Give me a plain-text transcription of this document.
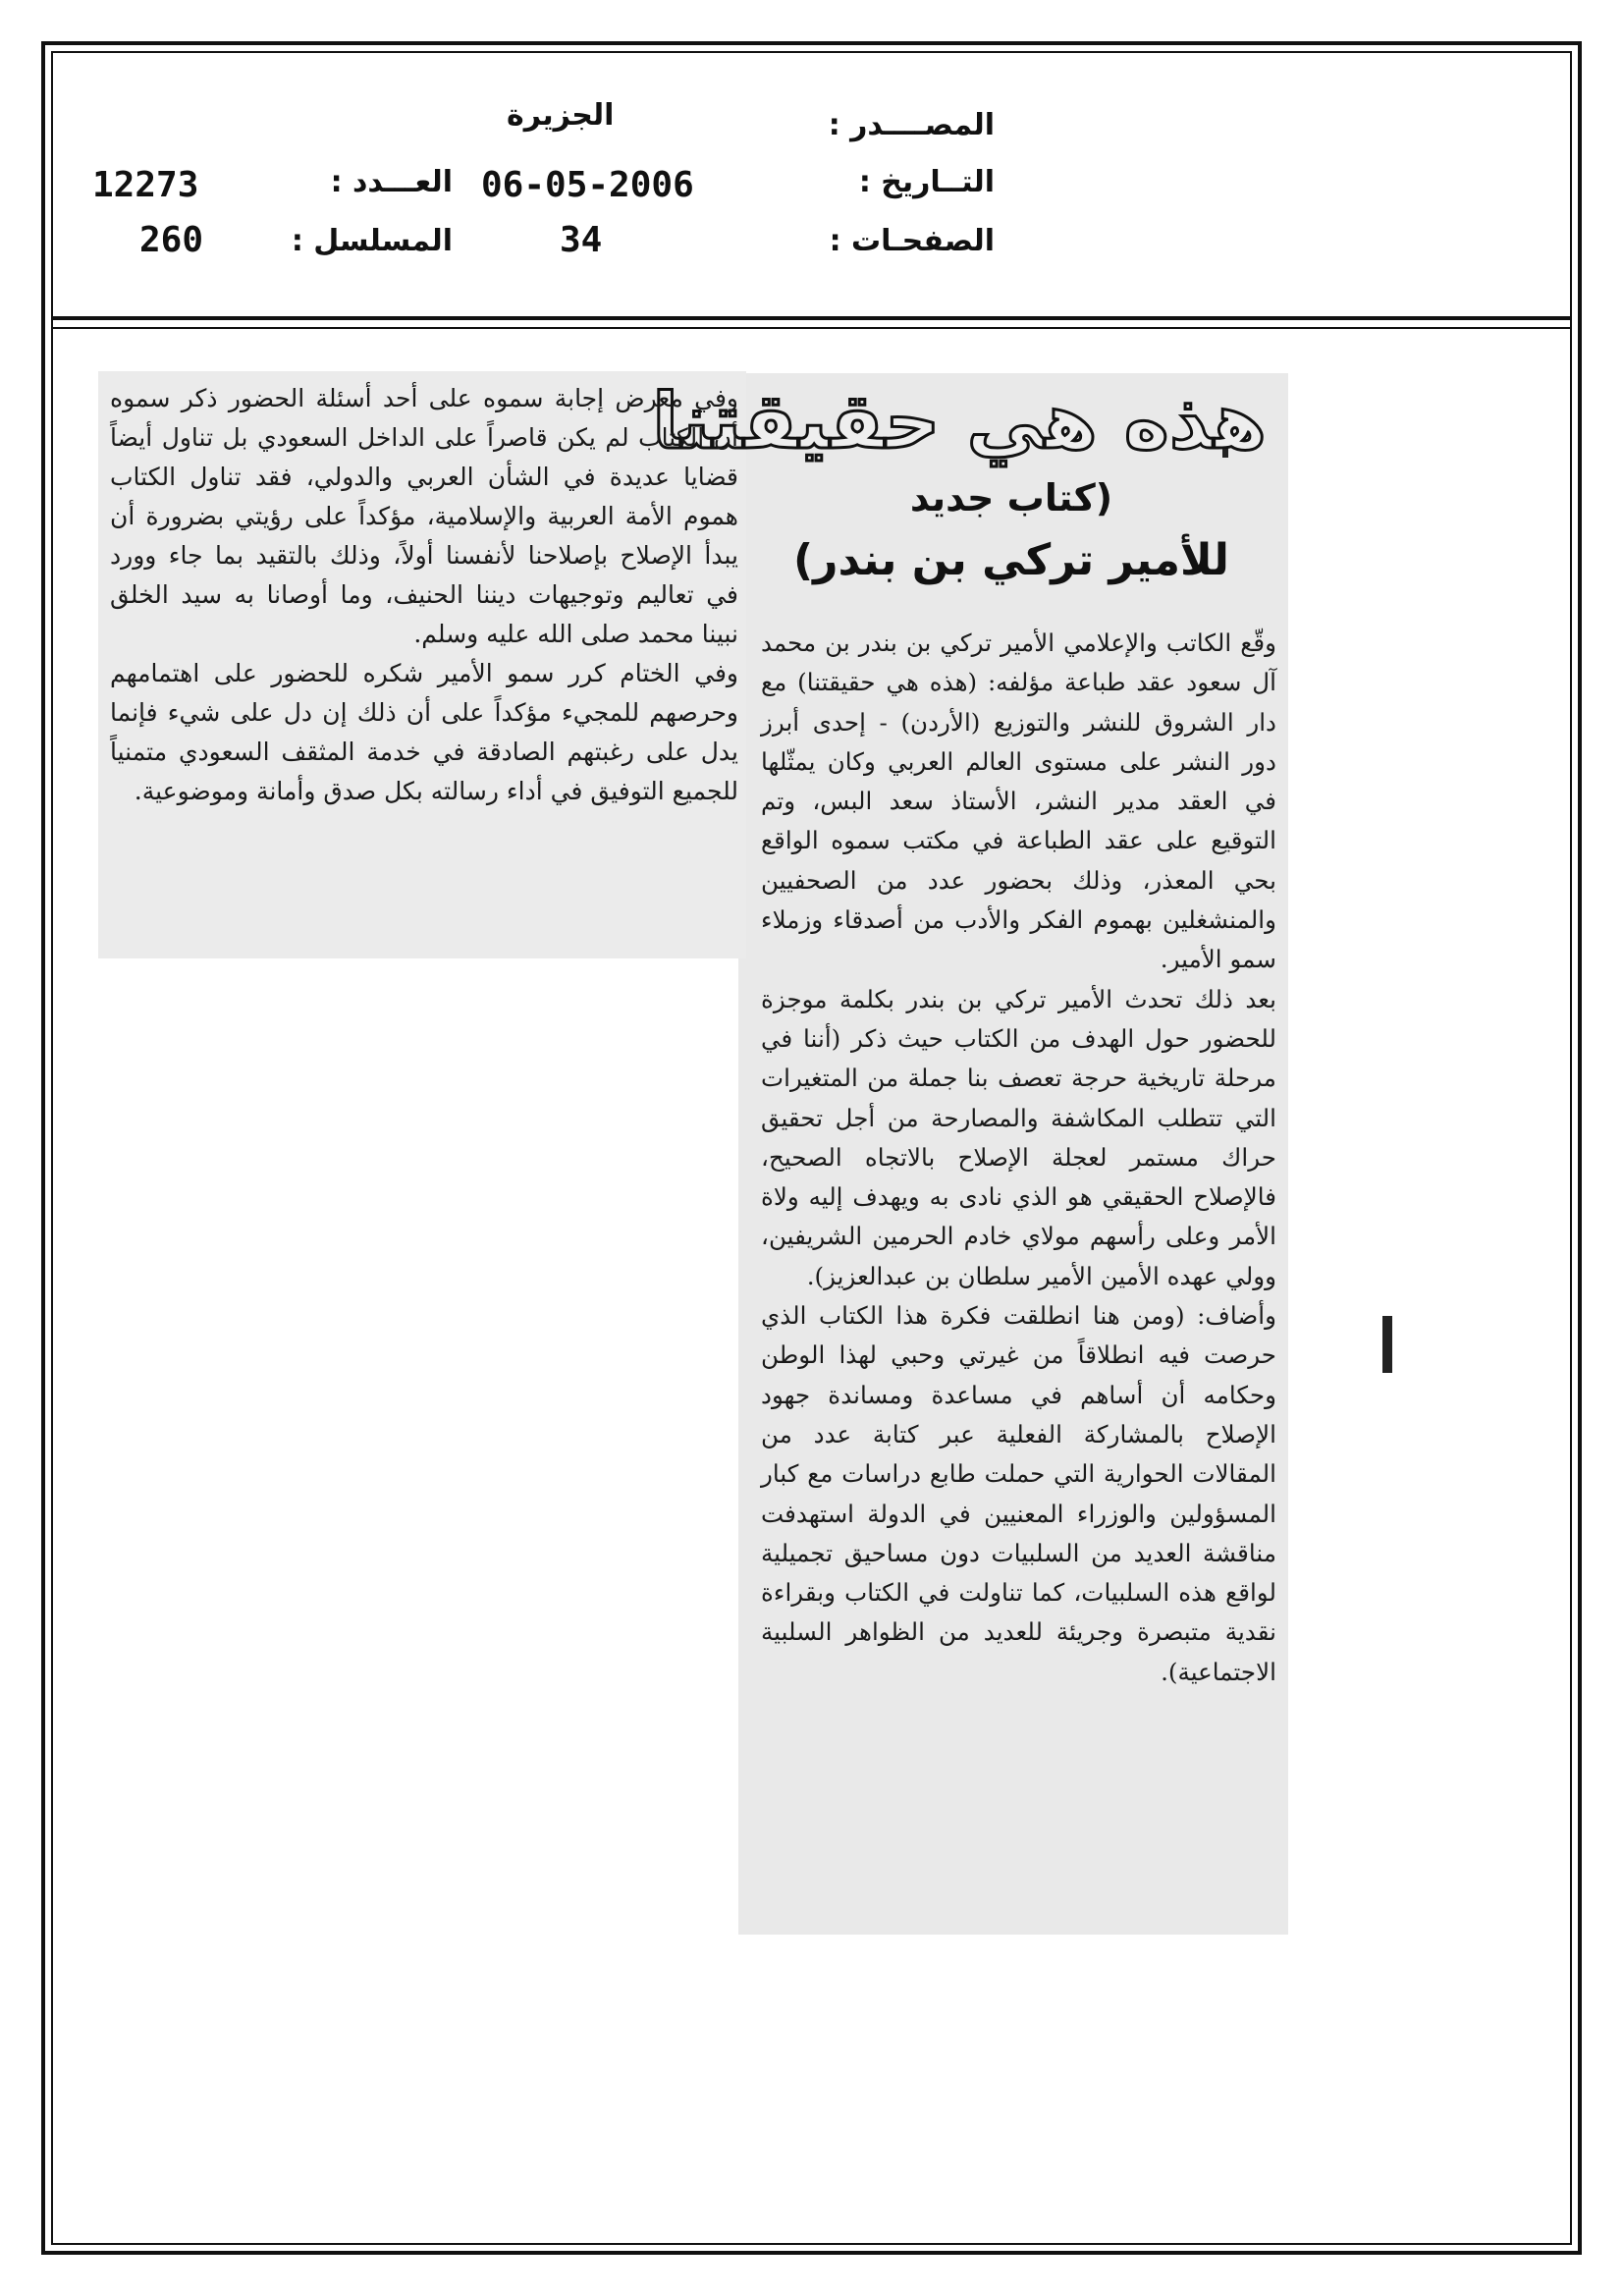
المصــــدر :
التــاريخ :
الصفحـات :
الجزيرة
06-05-2006
34
العـــدد :
المسلسل :
12273
260
هذه هي حقيقتنا
(كتاب جديد
للأمير تركي بن بندر)

وقّع الكاتب والإعلامي الأمير تركي بن بندر بن محمد آل سعود عقد طباعة مؤلفه: (هذه هي حقيقتنا) مع دار الشروق للنشر والتوزيع (الأردن) - إحدى أبرز دور النشر على مستوى العالم العربي وكان يمثّلها في العقد مدير النشر، الأستاذ سعد البس، وتم التوقيع على عقد الطباعة في مكتب سموه الواقع بحي المعذر، وذلك بحضور عدد من الصحفيين والمنشغلين بهموم الفكر والأدب من أصدقاء وزملاء سمو الأمير.

بعد ذلك تحدث الأمير تركي بن بندر بكلمة موجزة للحضور حول الهدف من الكتاب حيث ذكر (أننا في مرحلة تاريخية حرجة تعصف بنا جملة من المتغيرات التي تتطلب المكاشفة والمصارحة من أجل تحقيق حراك مستمر لعجلة الإصلاح بالاتجاه الصحيح، فالإصلاح الحقيقي هو الذي نادى به ويهدف إليه ولاة الأمر وعلى رأسهم مولاي خادم الحرمين الشريفين، وولي عهده الأمين الأمير سلطان بن عبدالعزيز).

وأضاف: (ومن هنا انطلقت فكرة هذا الكتاب الذي حرصت فيه انطلاقاً من غيرتي وحبي لهذا الوطن وحكامه أن أساهم في مساعدة ومساندة جهود الإصلاح بالمشاركة الفعلية عبر كتابة عدد من المقالات الحوارية التي حملت طابع دراسات مع كبار المسؤولين والوزراء المعنيين في الدولة استهدفت مناقشة العديد من السلبيات دون مساحيق تجميلية لواقع هذه السلبيات، كما تناولت في الكتاب وبقراءة نقدية متبصرة وجريئة للعديد من الظواهر السلبية الاجتماعية).

وفي معرض إجابة سموه على أحد أسئلة الحضور ذكر سموه أن الكتاب لم يكن قاصراً على الداخل السعودي بل تناول أيضاً قضايا عديدة في الشأن العربي والدولي، فقد تناول الكتاب هموم الأمة العربية والإسلامية، مؤكداً على رؤيتي بضرورة أن يبدأ الإصلاح بإصلاحنا لأنفسنا أولاً، وذلك بالتقيد بما جاء وورد في تعاليم وتوجيهات ديننا الحنيف، وما أوصانا به سيد الخلق نبينا محمد صلى الله عليه وسلم.

وفي الختام كرر سمو الأمير شكره للحضور على اهتمامهم وحرصهم للمجيء مؤكداً على أن ذلك إن دل على شيء فإنما يدل على رغبتهم الصادقة في خدمة المثقف السعودي متمنياً للجميع التوفيق في أداء رسالته بكل صدق وأمانة وموضوعية.
